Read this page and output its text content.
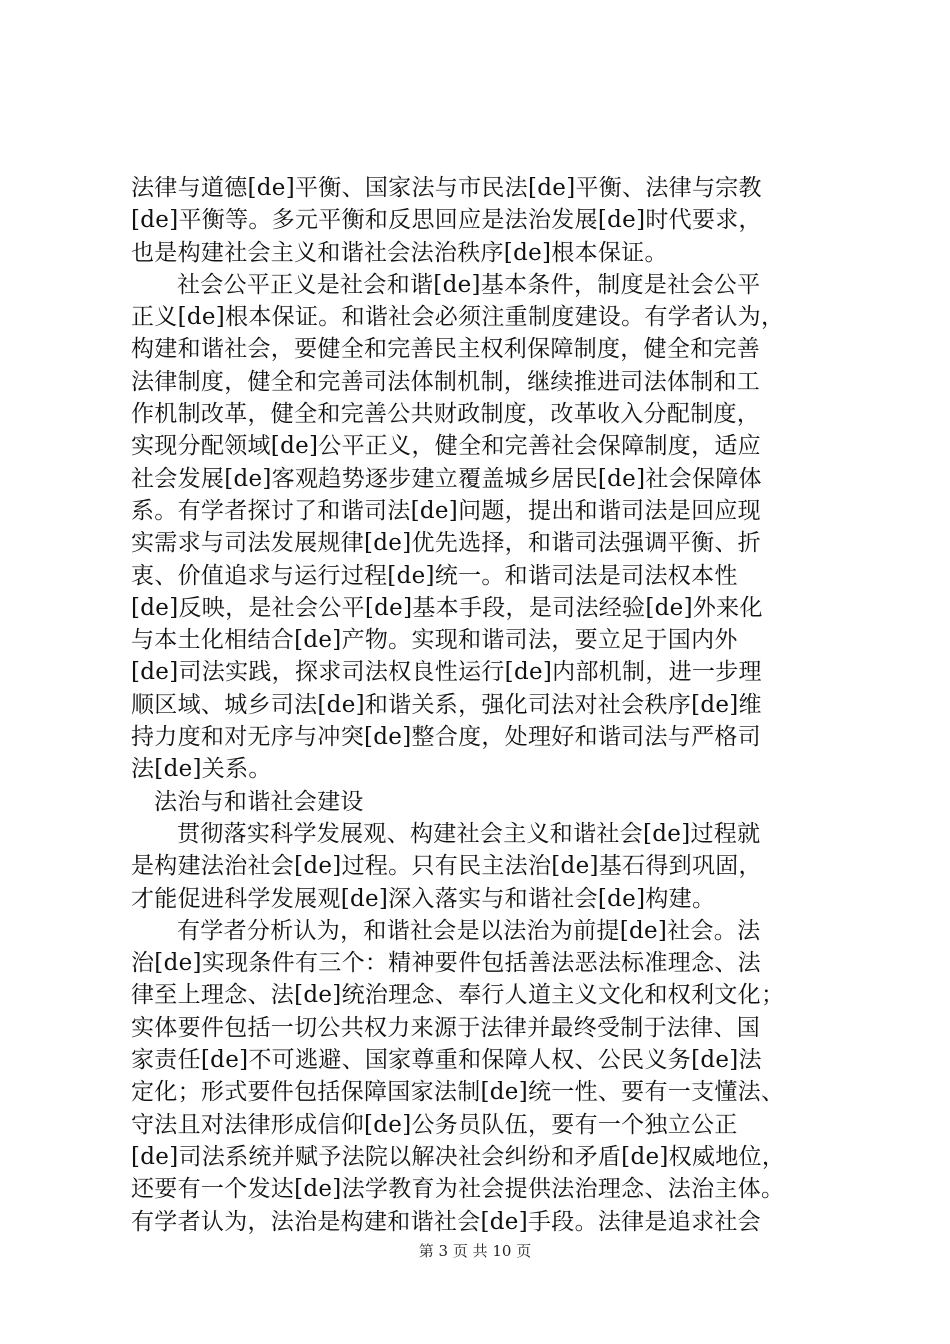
法律与道德[de]平衡、国家法与市民法[de]平衡、法律与宗教
[de]平衡等。多元平衡和反思回应是法治发展[de]时代要求，
也是构建社会主义和谐社会法治秩序[de]根本保证。
社会公平正义是社会和谐[de]基本条件，制度是社会公平
正义[de]根本保证。和谐社会必须注重制度建设。有学者认为，
构建和谐社会，要健全和完善民主权利保障制度，健全和完善
法律制度，健全和完善司法体制机制，继续推进司法体制和工
作机制改革，健全和完善公共财政制度，改革收入分配制度，
实现分配领域[de]公平正义，健全和完善社会保障制度，适应
社会发展[de]客观趋势逐步建立覆盖城乡居民[de]社会保障体
系。有学者探讨了和谐司法[de]问题，提出和谐司法是回应现
实需求与司法发展规律[de]优先选择，和谐司法强调平衡、折
衷、价值追求与运行过程[de]统一。和谐司法是司法权本性
[de]反映，是社会公平[de]基本手段，是司法经验[de]外来化
与本土化相结合[de]产物。实现和谐司法，要立足于国内外
[de]司法实践，探求司法权良性运行[de]内部机制，进一步理
顺区域、城乡司法[de]和谐关系，强化司法对社会秩序[de]维
持力度和对无序与冲突[de]整合度，处理好和谐司法与严格司
法[de]关系。
法治与和谐社会建设
贯彻落实科学发展观、构建社会主义和谐社会[de]过程就
是构建法治社会[de]过程。只有民主法治[de]基石得到巩固，
才能促进科学发展观[de]深入落实与和谐社会[de]构建。
有学者分析认为，和谐社会是以法治为前提[de]社会。法
治[de]实现条件有三个：精神要件包括善法恶法标准理念、法
律至上理念、法[de]统治理念、奉行人道主义文化和权利文化；
实体要件包括一切公共权力来源于法律并最终受制于法律、国
家责任[de]不可逃避、国家尊重和保障人权、公民义务[de]法
定化；形式要件包括保障国家法制[de]统一性、要有一支懂法、
守法且对法律形成信仰[de]公务员队伍，要有一个独立公正
[de]司法系统并赋予法院以解决社会纠纷和矛盾[de]权威地位，
还要有一个发达[de]法学教育为社会提供法治理念、法治主体。
有学者认为，法治是构建和谐社会[de]手段。法律是追求社会
第 3 页 共 10 页
